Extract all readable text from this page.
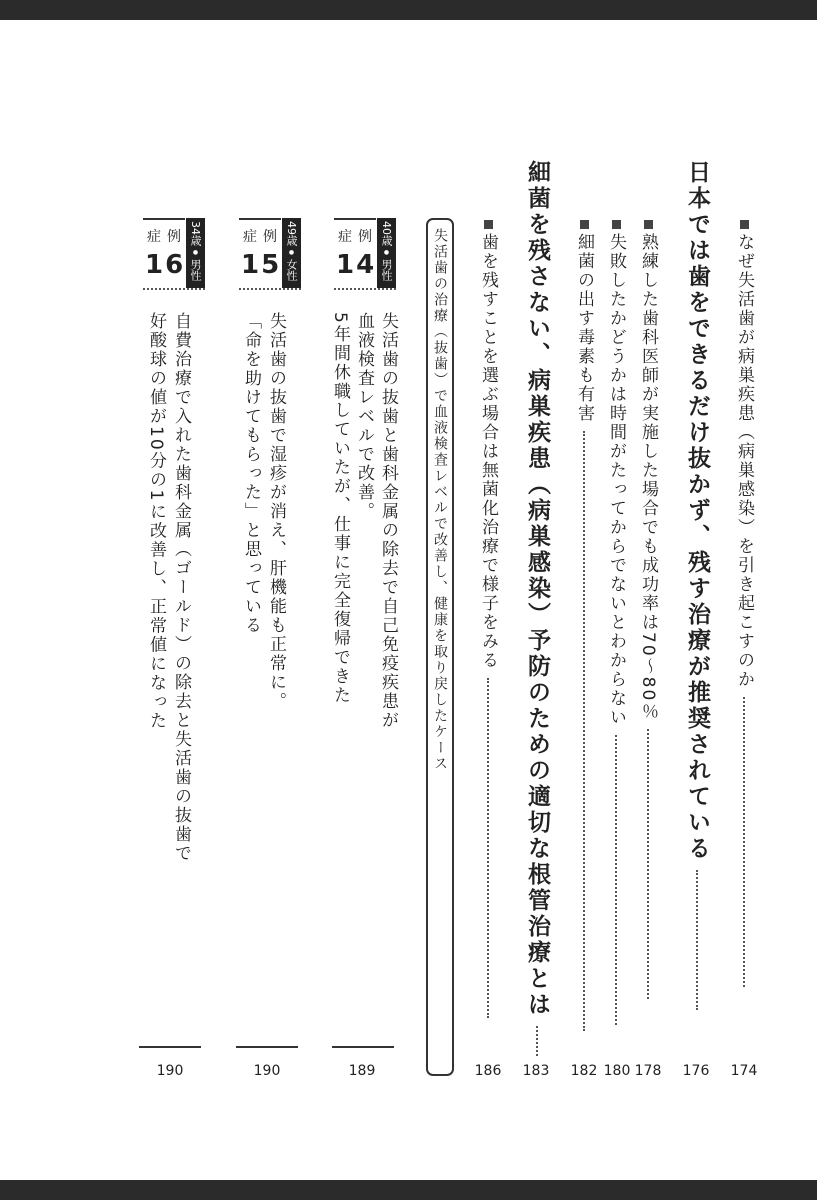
なぜ失活歯が病巣疾患（病巣感染）を引き起こすのか
174
日本では歯をできるだけ抜かず、残す治療が推奨されている
176
熟練した歯科医師が実施した場合でも成功率は70〜80％
178
失敗したかどうかは時間がたってからでないとわからない
180
細菌の出す毒素も有害
182
細菌を残さない、病巣疾患（病巣感染）予防のための適切な根管治療とは
183
歯を残すことを選ぶ場合は無菌化治療で様子をみる
186
失活歯の治療（抜歯）で血液検査レベルで改善し、健康を取り戻したケース
40歳
●
男性
症例
14
失活歯の抜歯と歯科金属の除去で自己免疫疾患が
血液検査レベルで改善。
5年間休職していたが、仕事に完全復帰できた
189
49歳
●
女性
症例
15
失活歯の抜歯で湿疹が消え、肝機能も正常に。
「命を助けてもらった」と思っている
190
34歳
●
男性
症例
16
自費治療で入れた歯科金属（ゴールド）の除去と失活歯の抜歯で
好酸球の値が10分の1に改善し、正常値になった
190
